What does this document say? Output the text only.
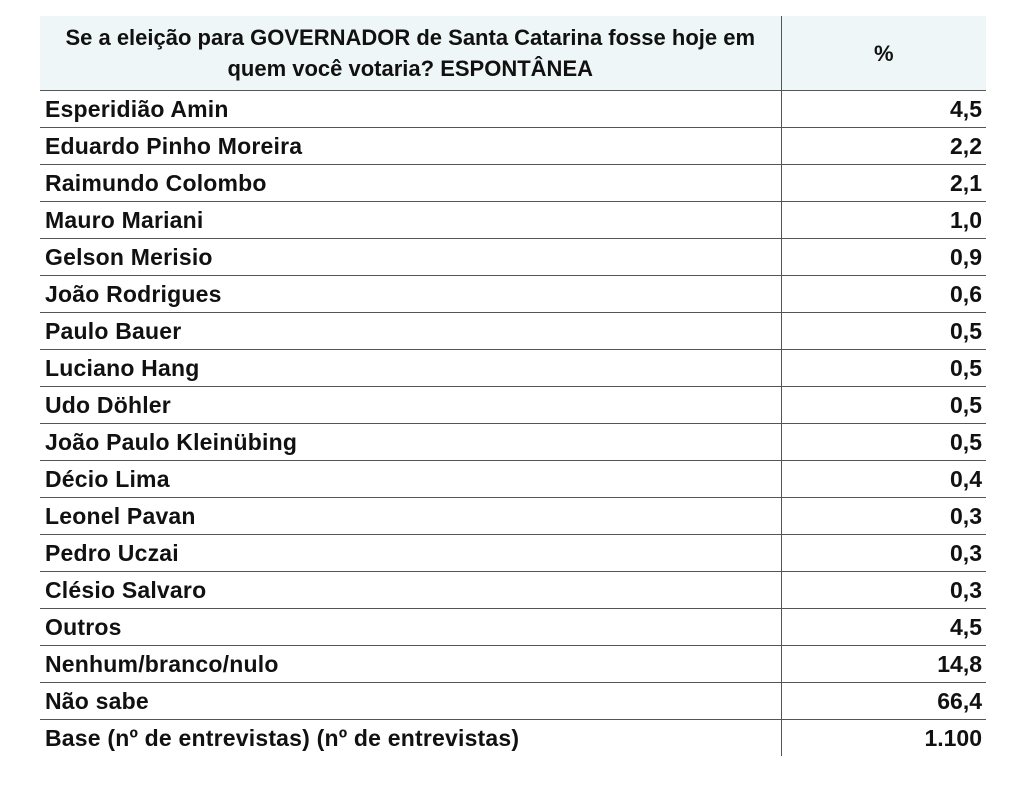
Se a eleição para GOVERNADOR de Santa Catarina fosse hoje em quem você votaria? ESPONTÂNEA	%
Esperidião Amin	4,5
Eduardo Pinho Moreira	2,2
Raimundo Colombo	2,1
Mauro Mariani	1,0
Gelson Merisio	0,9
João Rodrigues	0,6
Paulo Bauer	0,5
Luciano Hang	0,5
Udo Döhler	0,5
João Paulo Kleinübing	0,5
Décio Lima	0,4
Leonel Pavan	0,3
Pedro Uczai	0,3
Clésio Salvaro	0,3
Outros	4,5
Nenhum/branco/nulo	14,8
Não sabe	66,4
Base (nº de entrevistas) (nº de entrevistas)	1.100
